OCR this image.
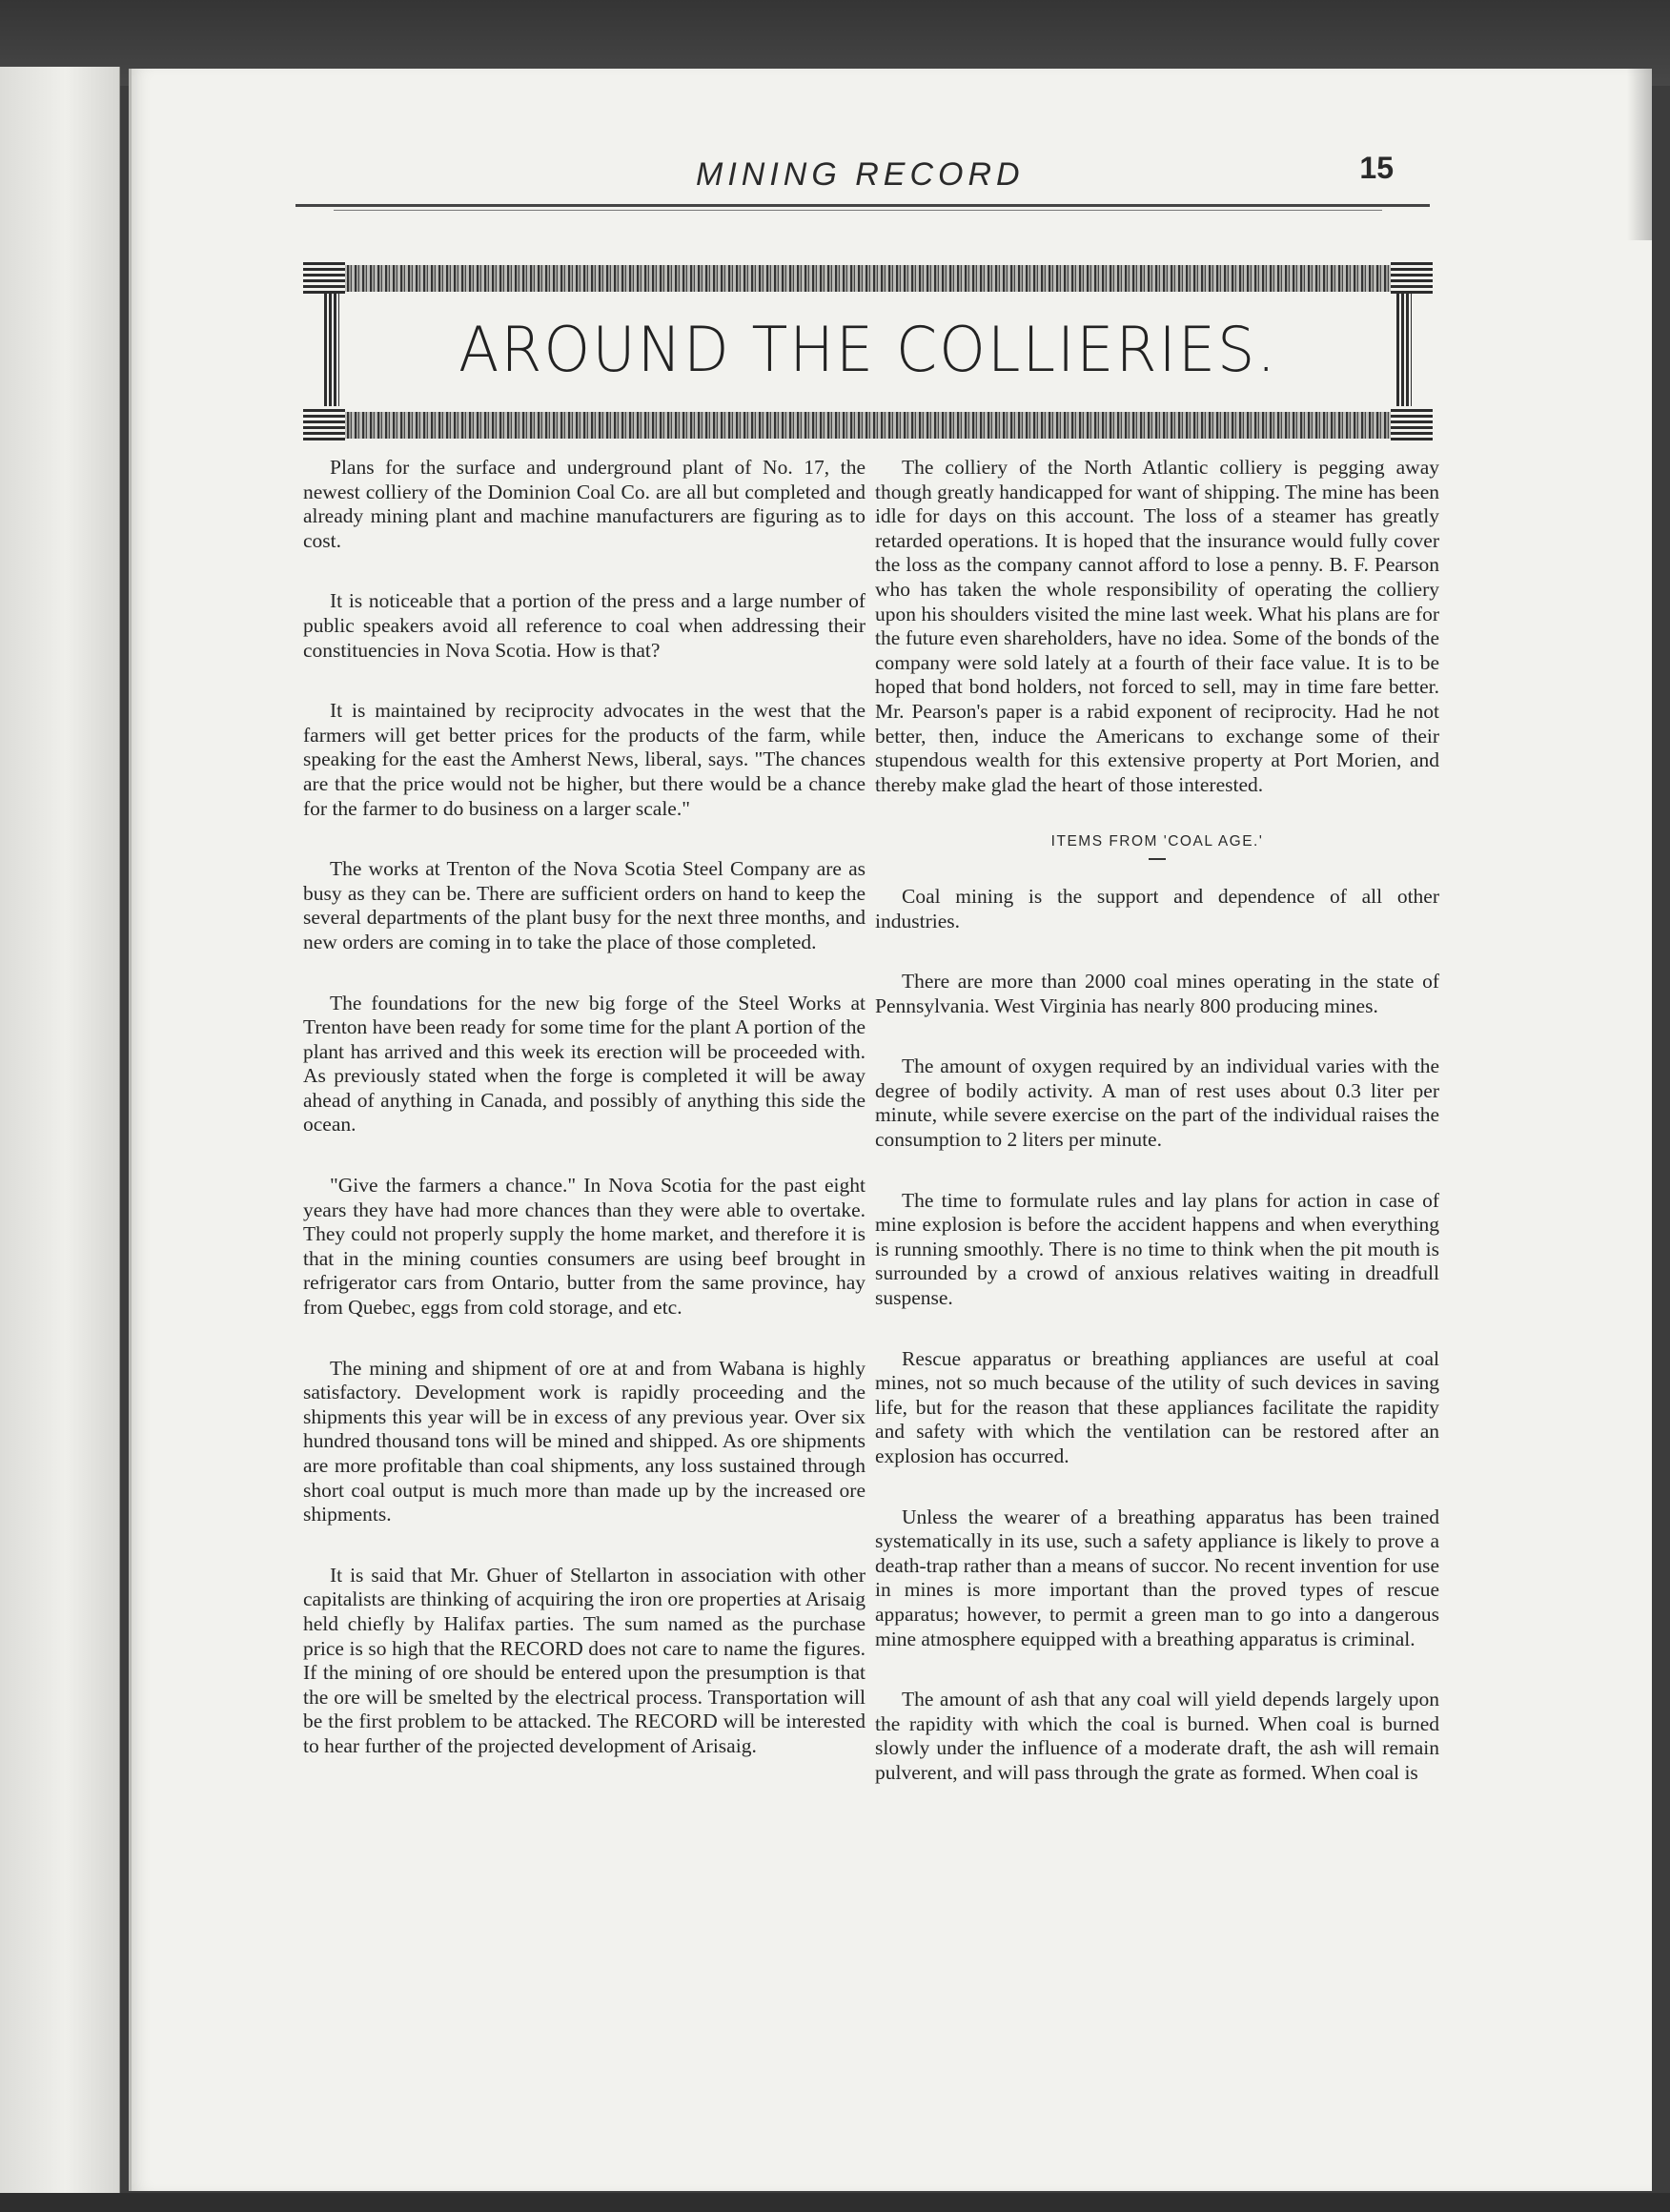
MINING RECORD	15
AROUND THE COLLIERIES.

Plans for the surface and underground plant of No. 17, the newest colliery of the Dominion Coal Co. are all but completed and already mining plant and machine manufacturers are figuring as to cost.

It is noticeable that a portion of the press and a large number of public speakers avoid all reference to coal when addressing their constituencies in Nova Scotia. How is that?

It is maintained by reciprocity advocates in the west that the farmers will get better prices for the products of the farm, while speaking for the east the Amherst News, liberal, says. "The chances are that the price would not be higher, but there would be a chance for the farmer to do business on a larger scale."

The works at Trenton of the Nova Scotia Steel Company are as busy as they can be. There are sufficient orders on hand to keep the several departments of the plant busy for the next three months, and new orders are coming in to take the place of those completed.

The foundations for the new big forge of the Steel Works at Trenton have been ready for some time for the plant A portion of the plant has arrived and this week its erection will be proceeded with. As previously stated when the forge is completed it will be away ahead of anything in Canada, and possibly of anything this side the ocean.

"Give the farmers a chance." In Nova Scotia for the past eight years they have had more chances than they were able to overtake. They could not properly supply the home market, and therefore it is that in the mining counties consumers are using beef brought in refrigerator cars from Ontario, butter from the same province, hay from Quebec, eggs from cold storage, and etc.

The mining and shipment of ore at and from Wabana is highly satisfactory. Development work is rapidly proceeding and the shipments this year will be in excess of any previous year. Over six hundred thousand tons will be mined and shipped. As ore shipments are more profitable than coal shipments, any loss sustained through short coal output is much more than made up by the increased ore shipments.

It is said that Mr. Ghuer of Stellarton in association with other capitalists are thinking of acquiring the iron ore properties at Arisaig held chiefly by Halifax parties. The sum named as the purchase price is so high that the RECORD does not care to name the figures. If the mining of ore should be entered upon the presumption is that the ore will be smelted by the electrical process. Transportation will be the first problem to be attacked. The RECORD will be interested to hear further of the projected development of Arisaig.

The colliery of the North Atlantic colliery is pegging away though greatly handicapped for want of shipping. The mine has been idle for days on this account. The loss of a steamer has greatly retarded operations. It is hoped that the insurance would fully cover the loss as the company cannot afford to lose a penny. B. F. Pearson who has taken the whole responsibility of operating the colliery upon his shoulders visited the mine last week. What his plans are for the future even shareholders, have no idea. Some of the bonds of the company were sold lately at a fourth of their face value. It is to be hoped that bond holders, not forced to sell, may in time fare better. Mr. Pearson's paper is a rabid exponent of reciprocity. Had he not better, then, induce the Americans to exchange some of their stupendous wealth for this extensive property at Port Morien, and thereby make glad the heart of those interested.

ITEMS FROM 'COAL AGE.'

Coal mining is the support and dependence of all other industries.

There are more than 2000 coal mines operating in the state of Pennsylvania. West Virginia has nearly 800 producing mines.

The amount of oxygen required by an individual varies with the degree of bodily activity. A man of rest uses about 0.3 liter per minute, while severe exercise on the part of the individual raises the consumption to 2 liters per minute.

The time to formulate rules and lay plans for action in case of mine explosion is before the accident happens and when everything is running smoothly. There is no time to think when the pit mouth is surrounded by a crowd of anxious relatives waiting in dreadfull suspense.

Rescue apparatus or breathing appliances are useful at coal mines, not so much because of the utility of such devices in saving life, but for the reason that these appliances facilitate the rapidity and safety with which the ventilation can be restored after an explosion has occurred.

Unless the wearer of a breathing apparatus has been trained systematically in its use, such a safety appliance is likely to prove a death-trap rather than a means of succor. No recent invention for use in mines is more important than the proved types of rescue apparatus; however, to permit a green man to go into a dangerous mine atmosphere equipped with a breathing apparatus is criminal.

The amount of ash that any coal will yield depends largely upon the rapidity with which the coal is burned. When coal is burned slowly under the influence of a moderate draft, the ash will remain pulverent, and will pass through the grate as formed. When coal is
